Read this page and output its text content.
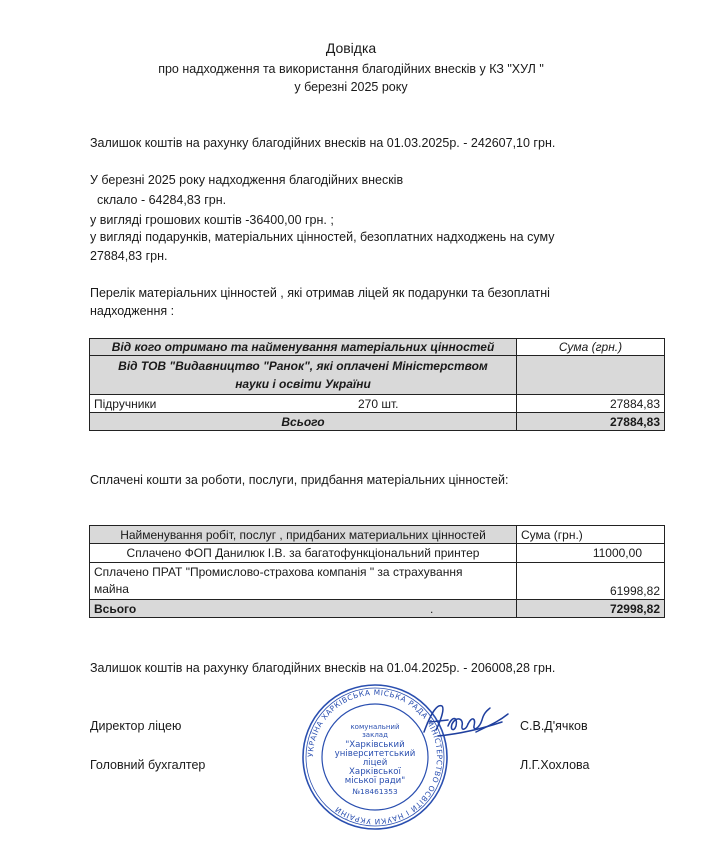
Довідка
про надходження та використання благодійних внесків у КЗ "ХУЛ "
у березні 2025 року
Залишок коштів на рахунку благодійних внесків на 01.03.2025р. - 242607,10 грн.
У березні 2025 року надходження благодійних внесків
склало - 64284,83 грн.
у вигляді грошових коштів -36400,00 грн. ;
у вигляді подарунків, матеріальних цінностей, безоплатних надходжень на суму
27884,83 грн.
Перелік матеріальних цінностей , які отримав ліцей як подарунки та безоплатні
надходження :
Від кого отримано та найменування матеріальних цінностей	Сума (грн.)
Від ТОВ "Видавництво "Ранок", які оплачені Міністерством
науки і освіти України	
Підручники 270 шт.	27884,83
Всього	27884,83
Сплачені кошти за роботи, послуги, придбання матеріальних цінностей:
Найменування робіт, послуг , придбаних материальних цінностей	Сума (грн.)
Сплачено ФОП Данилюк І.В. за багатофункціональний принтер	11000,00
Сплачено ПРАТ "Промислово-страхова компанія " за страхування
майна	61998,82
Всього .	72998,82
Залишок коштів на рахунку благодійних внесків на 01.04.2025р. - 206008,28 грн.
Директор ліцею	С.В.Д'ячков
Головний бухгалтер	Л.Г.Хохлова
УКРАЇНА ХАРКІВСЬКА МІСЬКА РАДА МІНІСТЕРСТВО ОСВІТИ І НАУКИ УКРАЇНИ
комунальний
заклад
"Харківський
університетський
ліцей
Харківської
міської ради"
№18461353
